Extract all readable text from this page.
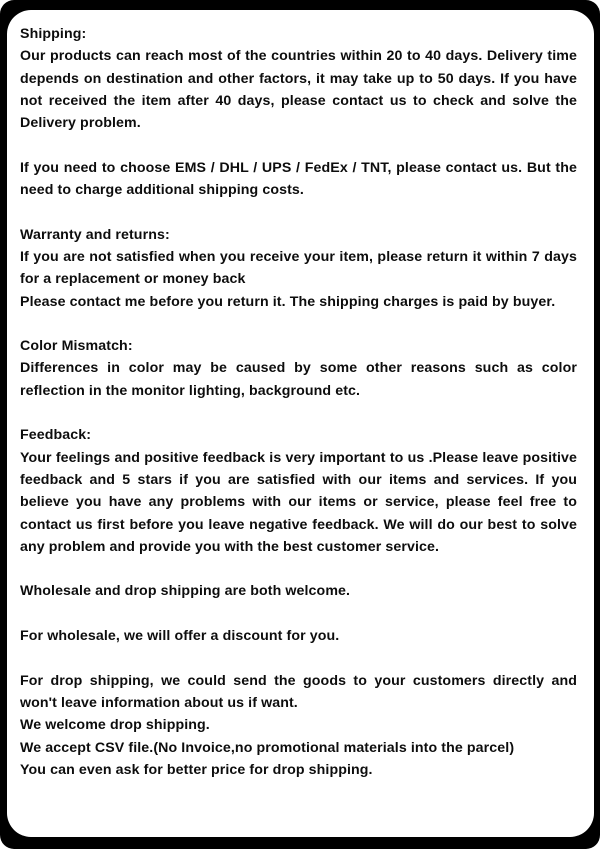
Shipping:

Our products can reach most of the countries within 20 to 40 days. Delivery time depends on destination and other factors, it may take up to 50 days. If you have not received the item after 40 days, please contact us to check and solve the Delivery problem.

If you need to choose EMS / DHL / UPS / FedEx / TNT, please contact us. But the need to charge additional shipping costs.

Warranty and returns:

If you are not satisfied when you receive your item, please return it within 7 days for a replacement or money back

Please contact me before you return it. The shipping charges is paid by buyer.

Color Mismatch:

Differences in color may be caused by some other reasons such as color reflection in the monitor lighting, background etc.

Feedback:

Your feelings and positive feedback is very important to us .Please leave positive feedback and 5 stars if you are satisfied with our items and services. If you believe you have any problems with our items or service, please feel free to contact us first before you leave negative feedback. We will do our best to solve any problem and provide you with the best customer service.

Wholesale and drop shipping are both welcome.

For wholesale, we will offer a discount for you.

For drop shipping, we could send the goods to your customers directly and won't leave information about us if want.

We welcome drop shipping.

We accept CSV file.(No Invoice,no promotional materials into the parcel)

You can even ask for better price for drop shipping.
